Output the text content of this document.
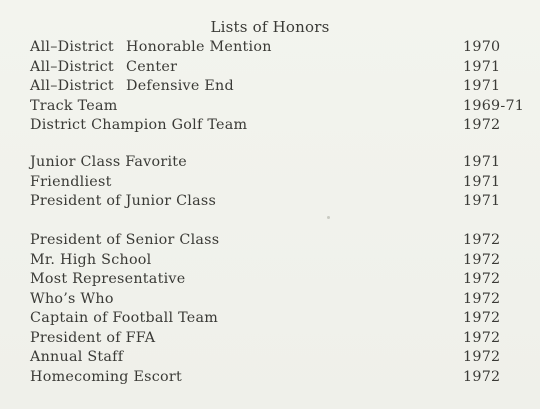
Lists of Honors
All–District Honorable Mention	1970
All–District Center	1971
All–District Defensive End	1971
Track Team	1969-71
District Champion Golf Team	1972
Junior Class Favorite	1971
Friendliest	1971
President of Junior Class	1971
President of Senior Class	1972
Mr. High School	1972
Most Representative	1972
Who’s Who	1972
Captain of Football Team	1972
President of FFA	1972
Annual Staff	1972
Homecoming Escort	1972
